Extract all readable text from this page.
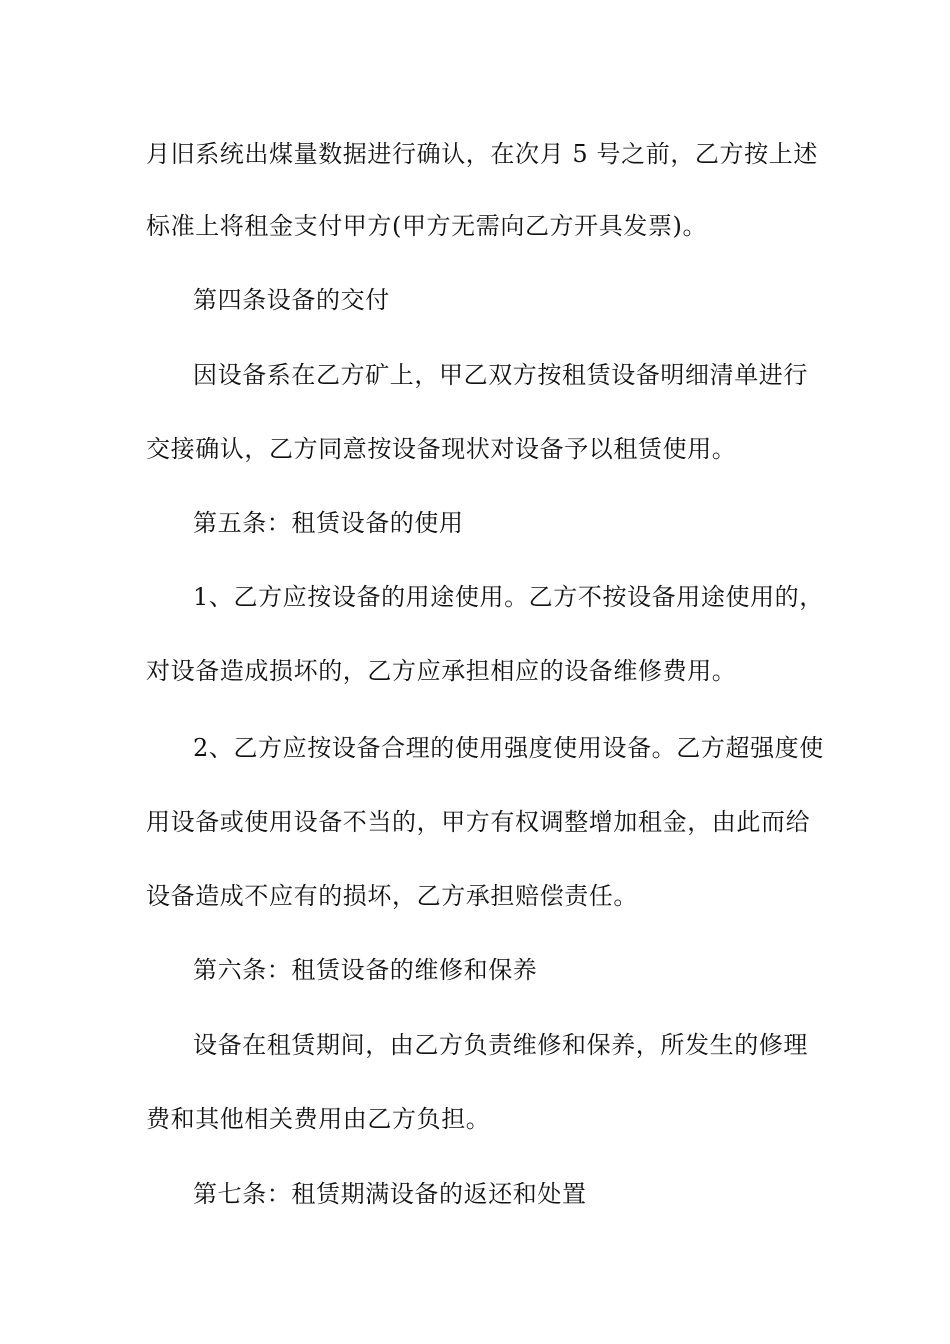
月旧系统出煤量数据进行确认，在次月 5 号之前，乙方按上述
标准上将租金支付甲方(甲方无需向乙方开具发票)。
第四条设备的交付
因设备系在乙方矿上，甲乙双方按租赁设备明细清单进行
交接确认，乙方同意按设备现状对设备予以租赁使用。
第五条：租赁设备的使用
1、乙方应按设备的用途使用。乙方不按设备用途使用的，
对设备造成损坏的，乙方应承担相应的设备维修费用。
2、乙方应按设备合理的使用强度使用设备。乙方超强度使
用设备或使用设备不当的，甲方有权调整增加租金，由此而给
设备造成不应有的损坏，乙方承担赔偿责任。
第六条：租赁设备的维修和保养
设备在租赁期间，由乙方负责维修和保养，所发生的修理
费和其他相关费用由乙方负担。
第七条：租赁期满设备的返还和处置
